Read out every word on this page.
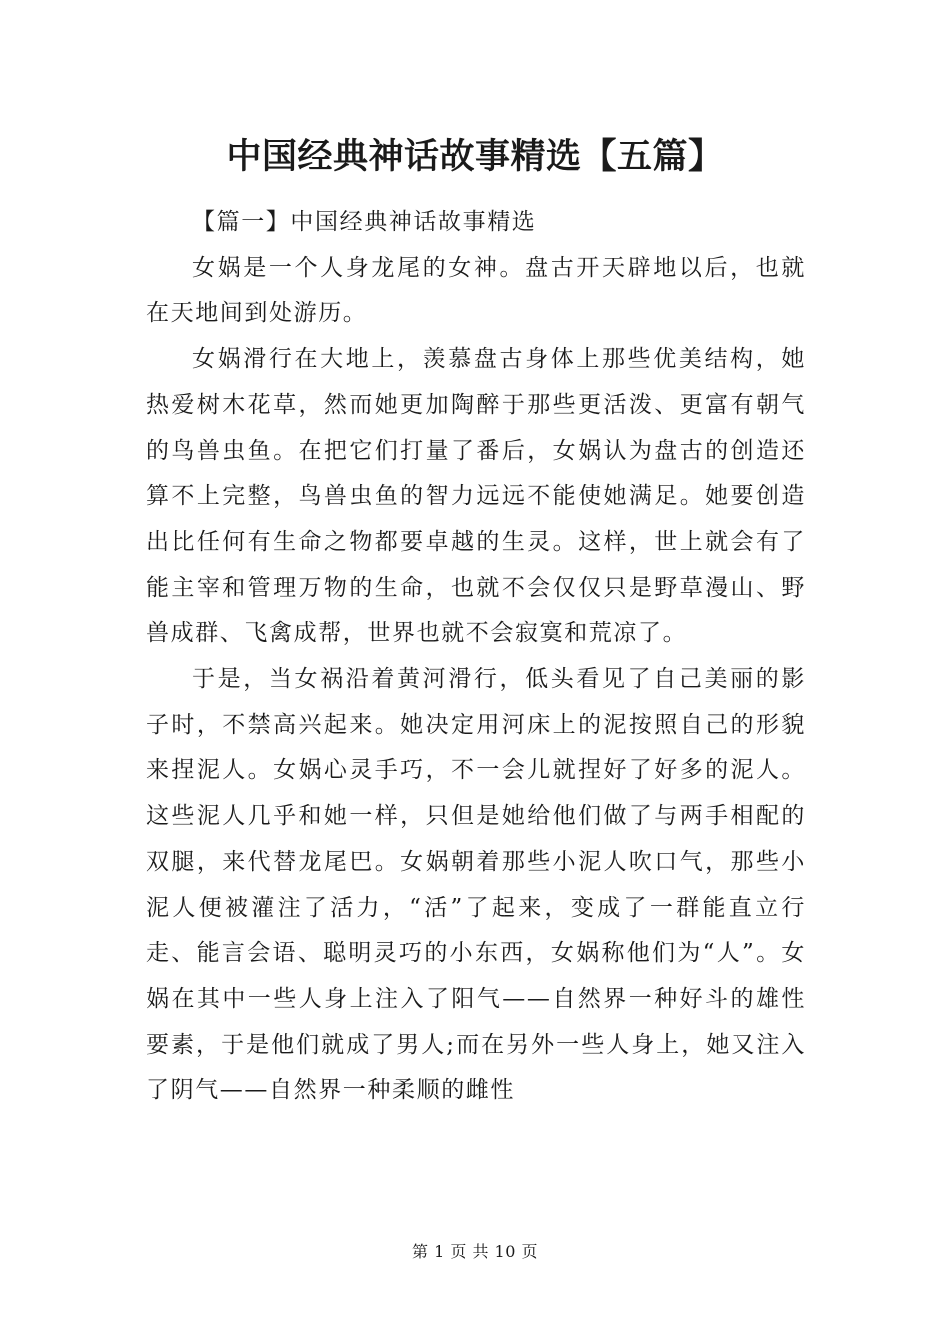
中国经典神话故事精选【五篇】

【篇一】中国经典神话故事精选

女娲是一个人身龙尾的女神。盘古开天辟地以后，也就在天地间到处游历。

女娲滑行在大地上，羡慕盘古身体上那些优美结构，她热爱树木花草，然而她更加陶醉于那些更活泼、更富有朝气的鸟兽虫鱼。在把它们打量了番后，女娲认为盘古的创造还算不上完整，鸟兽虫鱼的智力远远不能使她满足。她要创造出比任何有生命之物都要卓越的生灵。这样，世上就会有了能主宰和管理万物的生命，也就不会仅仅只是野草漫山、野兽成群、飞禽成帮，世界也就不会寂寞和荒凉了。

于是，当女祸沿着黄河滑行，低头看见了自己美丽的影子时，不禁高兴起来。她决定用河床上的泥按照自己的形貌来捏泥人。女娲心灵手巧，不一会儿就捏好了好多的泥人。这些泥人几乎和她一样，只但是她给他们做了与两手相配的双腿，来代替龙尾巴。女娲朝着那些小泥人吹口气，那些小泥人便被灌注了活力，“活”了起来，变成了一群能直立行走、能言会语、聪明灵巧的小东西，女娲称他们为“人”。女娲在其中一些人身上注入了阳气——自然界一种好斗的雄性要素，于是他们就成了男人;而在另外一些人身上，她又注入了阴气——自然界一种柔顺的雌性

第 1 页 共 10 页
